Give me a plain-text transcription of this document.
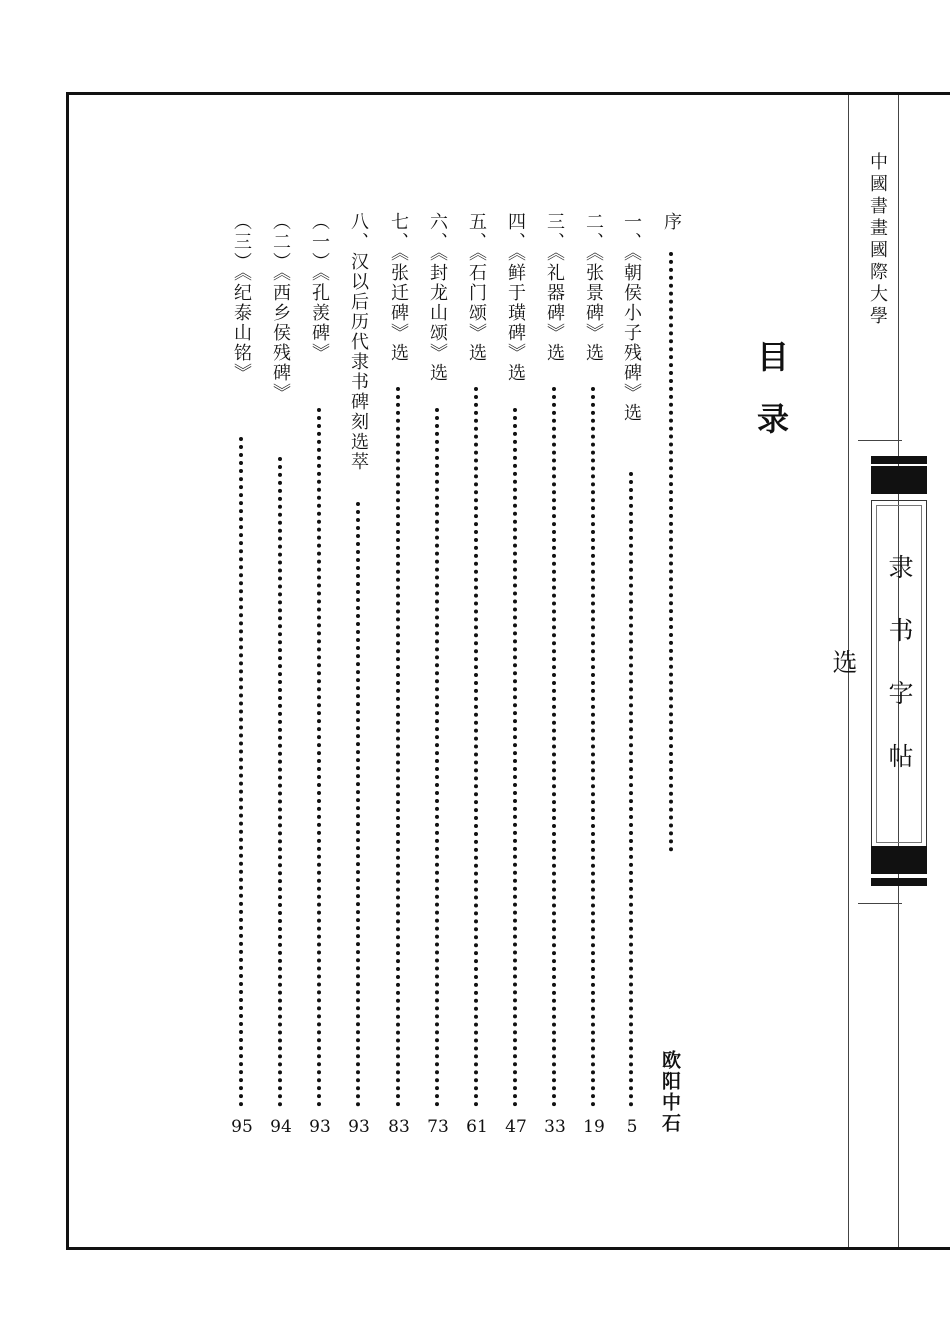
中國書畫國際大學
隶书字帖选
目录
序
欧阳中石
一、《朝侯小子残碑》选
5
二、《张景碑》选
19
三、《礼器碑》选
33
四、《鲜于璜碑》选
47
五、《石门颂》选
61
六、《封龙山颂》选
73
七、《张迁碑》选
83
八、汉以后历代隶书碑刻选萃
93
（一）《孔羡碑》
93
（二）《西乡侯残碑》
94
（三）《纪泰山铭》
95
